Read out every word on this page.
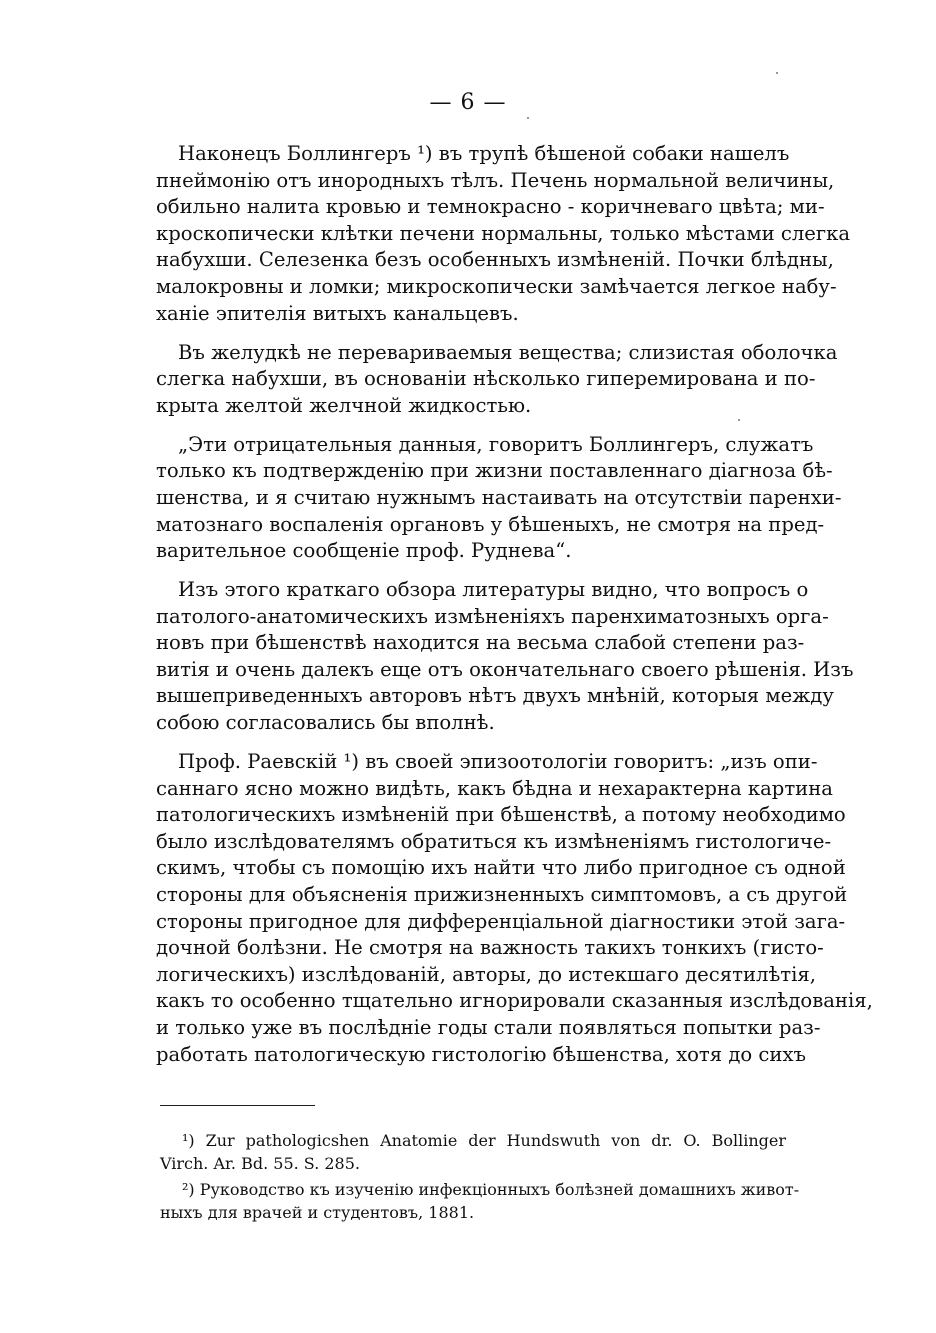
— 6 —
Наконецъ Боллингеръ ¹) въ трупѣ бѣшеной собаки нашелъ
пнеймонію отъ инородныхъ тѣлъ. Печень нормальной величины,
обильно налита кровью и темнокрасно - коричневаго цвѣта; ми-
кроскопически клѣтки печени нормальны, только мѣстами слегка
набухши. Селезенка безъ особенныхъ измѣненій. Почки блѣдны,
малокровны и ломки; микроскопически замѣчается легкое набу-
ханіе эпителія витыхъ канальцевъ.
Въ желудкѣ не перевариваемыя вещества; слизистая оболочка
слегка набухши, въ основаніи нѣсколько гиперемирована и по-
крыта желтой желчной жидкостью.
„Эти отрицательныя данныя, говоритъ Боллингеръ, служатъ
только къ подтвержденію при жизни поставленнаго діагноза бѣ-
шенства, и я считаю нужнымъ настаивать на отсутствіи паренхи-
матознаго воспаленія органовъ у бѣшеныхъ, не смотря на пред-
варительное сообщеніе проф. Руднева“.
Изъ этого краткаго обзора литературы видно, что вопросъ о
патолого-анатомическихъ измѣненіяхъ паренхиматозныхъ орга-
новъ при бѣшенствѣ находится на весьма слабой степени раз-
витія и очень далекъ еще отъ окончательнаго своего рѣшенія. Изъ
вышеприведенныхъ авторовъ нѣтъ двухъ мнѣній, которыя между
собою согласовались бы вполнѣ.
Проф. Раевскій ¹) въ своей эпизоотологіи говоритъ: „изъ опи-
саннаго ясно можно видѣть, какъ бѣдна и нехарактерна картина
патологическихъ измѣненій при бѣшенствѣ, а потому необходимо
было изслѣдователямъ обратиться къ измѣненіямъ гистологиче-
скимъ, чтобы съ помощію ихъ найти что либо пригодное съ одной
стороны для объясненія прижизненныхъ симптомовъ, а съ другой
стороны пригодное для дифференціальной діагностики этой зага-
дочной болѣзни. Не смотря на важность такихъ тонкихъ (гисто-
логическихъ) изслѣдованій, авторы, до истекшаго десятилѣтія,
какъ то особенно тщательно игнорировали сказанныя изслѣдованія,
и только уже въ послѣдніе годы стали появляться попытки раз-
работать патологическую гистологію бѣшенства, хотя до сихъ
¹) Zur pathologicshen Anatomie der Hundswuth von dr. O. Bollinger
Virch. Ar. Bd. 55. S. 285.
²) Руководство къ изученію инфекціонныхъ болѣзней домашнихъ живот-
ныхъ для врачей и студентовъ, 1881.
